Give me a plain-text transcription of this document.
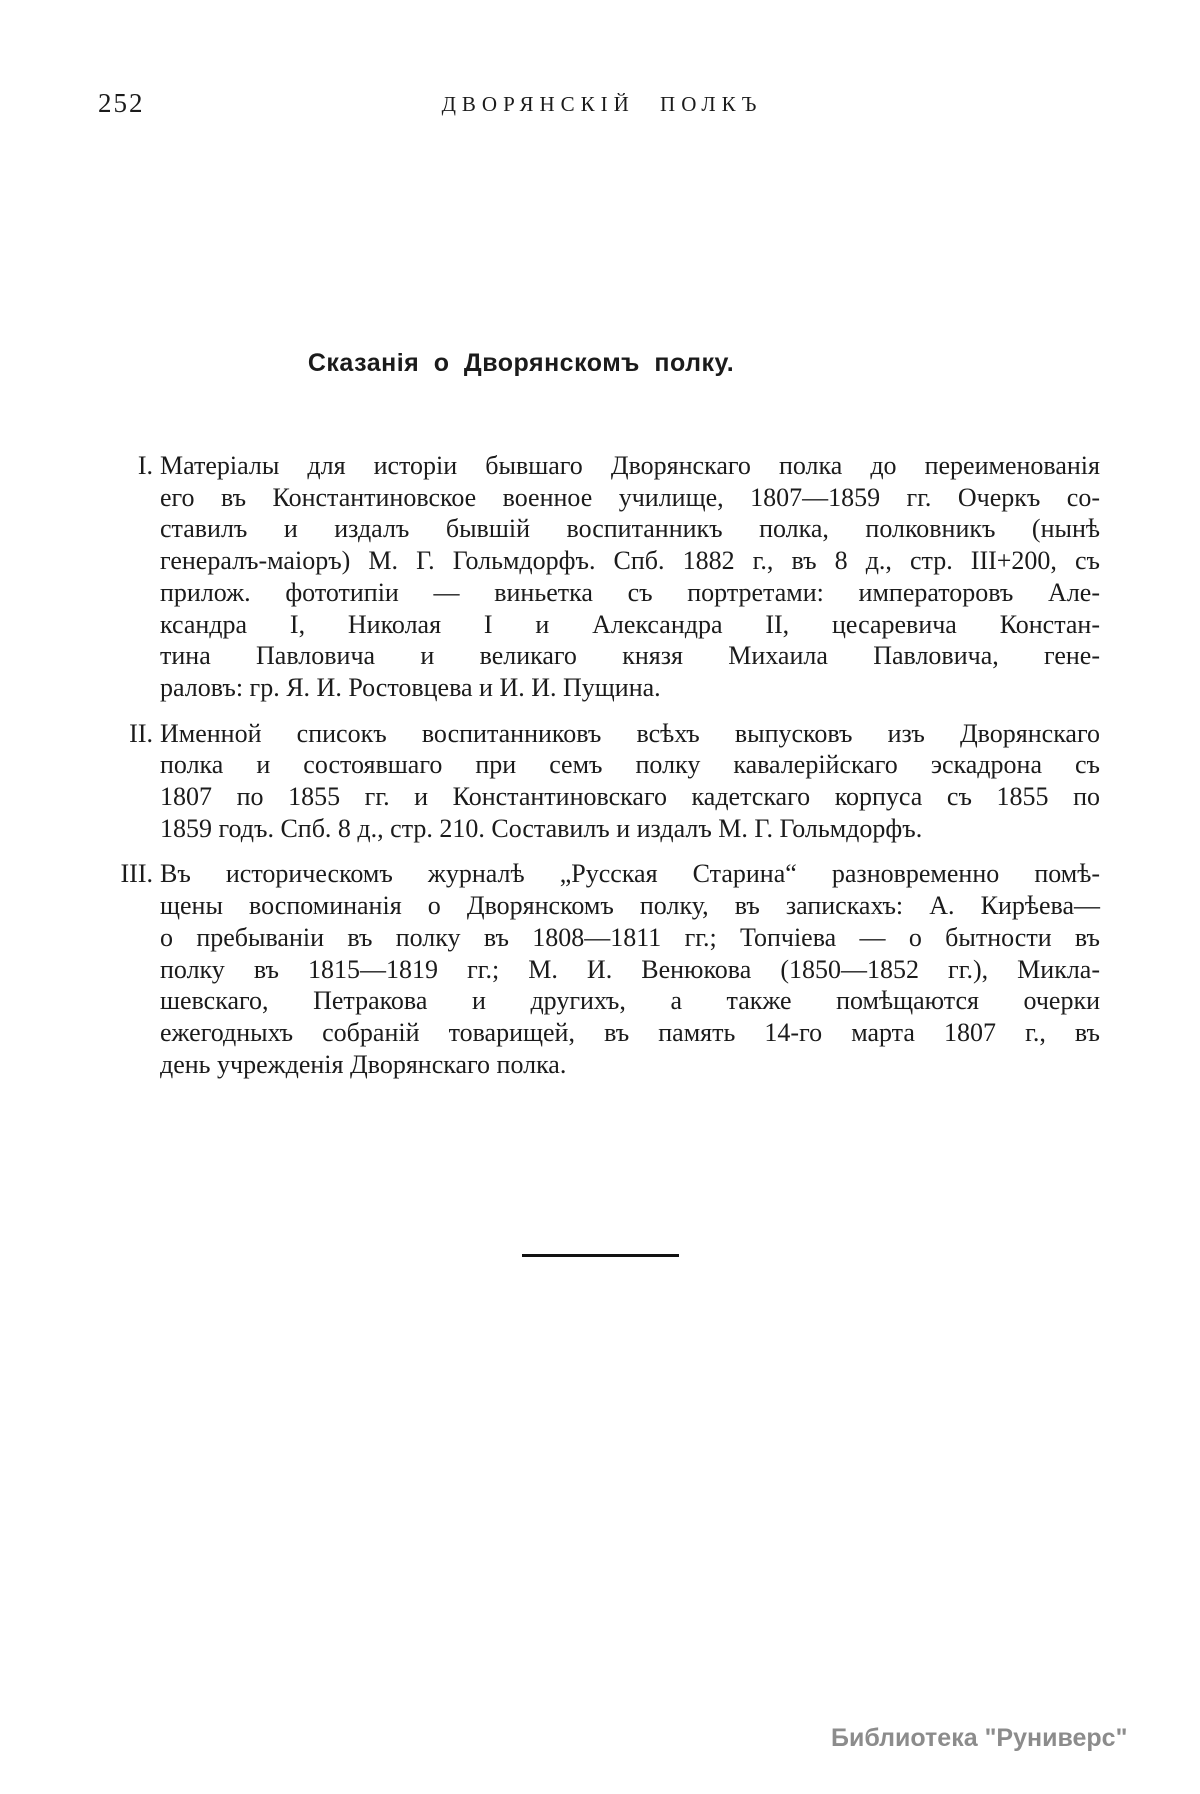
252	ДВОРЯНСКІЙ ПОЛКЪ
Сказанія о Дворянскомъ полку.
I. Матеріалы для исторіи бывшаго Дворянскаго полка до переименованія
его въ Константиновское военное училище, 1807—1859 гг. Очеркъ со-
ставилъ и издалъ бывшій воспитанникъ полка, полковникъ (нынѣ
генералъ-маіоръ) М. Г. Гольмдорфъ. Спб. 1882 г., въ 8 д., стр. III+200, съ
прилож. фототипіи — виньетка съ портретами: императоровъ Але-
ксандра I, Николая I и Александра II, цесаревича Констан-
тина Павловича и великаго князя Михаила Павловича, гене-
раловъ: гр. Я. И. Ростовцева и И. И. Пущина.
II. Именной списокъ воспитанниковъ всѣхъ выпусковъ изъ Дворянскаго
полка и состоявшаго при семъ полку кавалерійскаго эскадрона съ
1807 по 1855 гг. и Константиновскаго кадетскаго корпуса съ 1855 по
1859 годъ. Спб. 8 д., стр. 210. Составилъ и издалъ М. Г. Гольмдорфъ.
III. Въ историческомъ журналѣ „Русская Старина“ разновременно помѣ-
щены воспоминанія о Дворянскомъ полку, въ запискахъ: А. Кирѣева—
о пребываніи въ полку въ 1808—1811 гг.; Топчіева — о бытности въ
полку въ 1815—1819 гг.; М. И. Венюкова (1850—1852 гг.), Микла-
шевскаго, Петракова и другихъ, а также помѣщаются очерки
ежегодныхъ собраній товарищей, въ память 14-го марта 1807 г., въ
день учрежденія Дворянскаго полка.
Библиотека "Руниверс"
